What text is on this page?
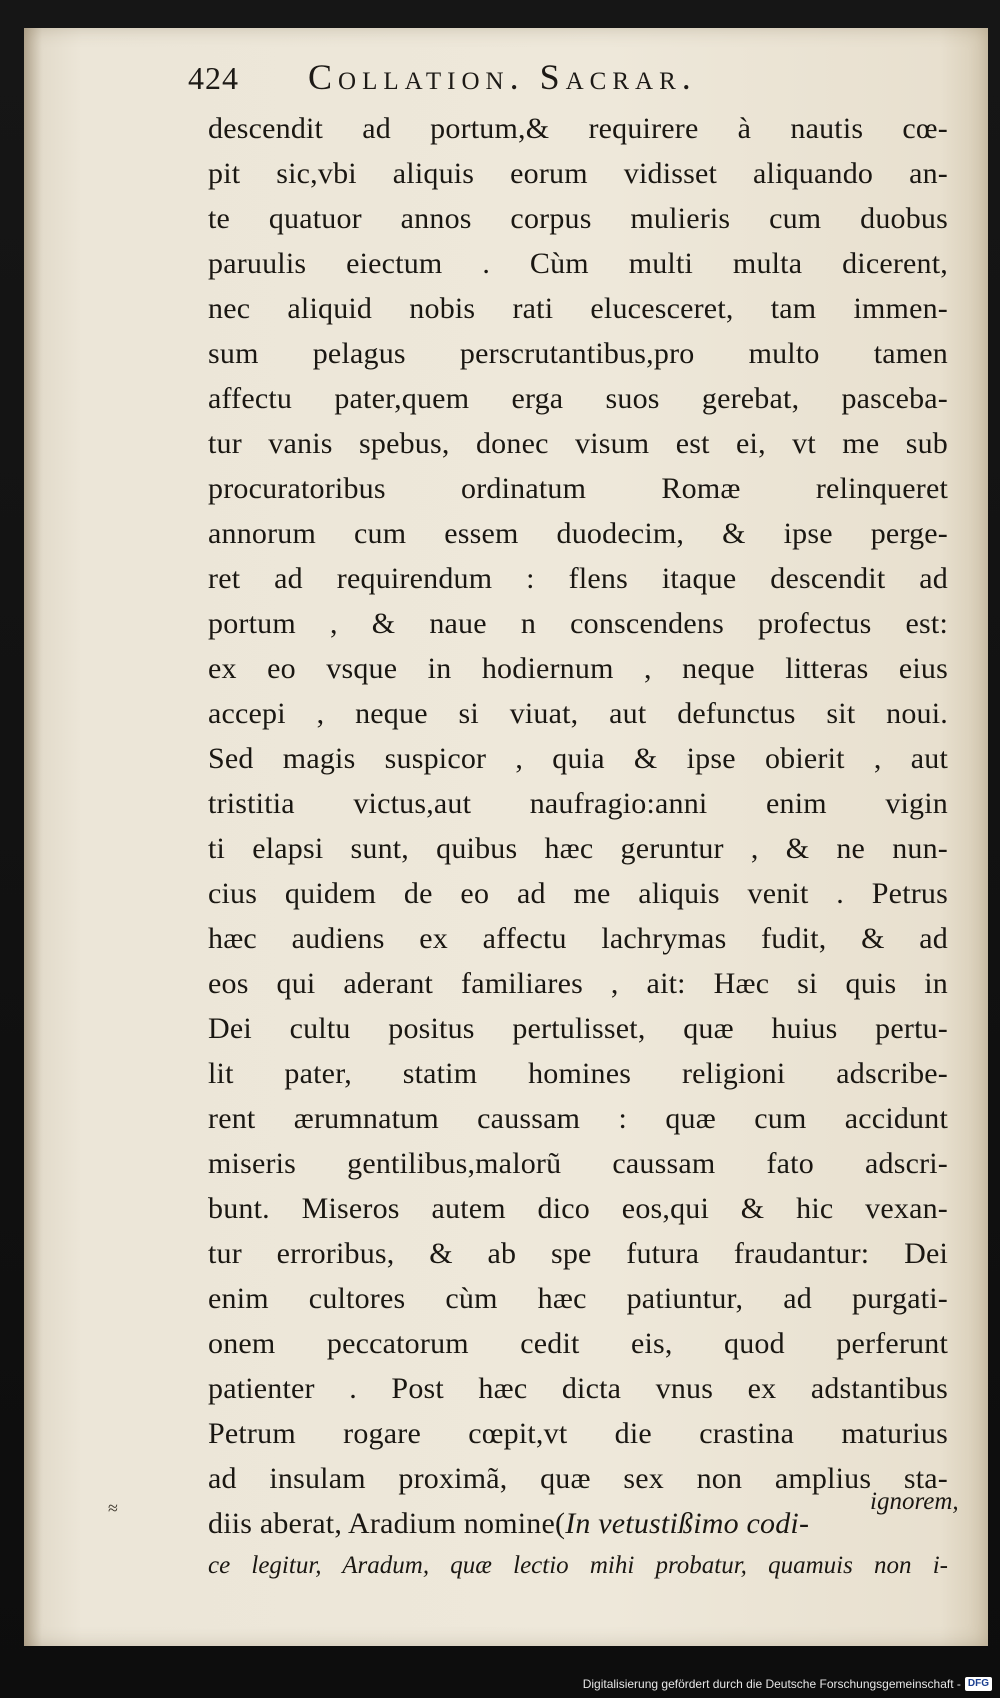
424 Collation. Sacrar.
descendit ad portum,& requirere à nautis cœ-
pit sic,vbi aliquis eorum vidisset aliquando an-
te quatuor annos corpus mulieris cum duobus
paruulis eiectum . Cùm multi multa dicerent,
nec aliquid nobis rati elucesceret, tam immen-
sum pelagus perscrutantibus,pro multo tamen
affectu pater,quem erga suos gerebat, pasceba-
tur vanis spebus, donec visum est ei, vt me sub
procuratoribus ordinatum Romæ relinqueret
annorum cum essem duodecim, & ipse perge-
ret ad requirendum : flens itaque descendit ad
portum , & naue n conscendens profectus est:
ex eo vsque in hodiernum , neque litteras eius
accepi , neque si viuat, aut defunctus sit noui.
Sed magis suspicor , quia & ipse obierit , aut
tristitia victus,aut naufragio:anni enim vigin
ti elapsi sunt, quibus hæc geruntur , & ne nun-
cius quidem de eo ad me aliquis venit . Petrus
hæc audiens ex affectu lachrymas fudit, & ad
eos qui aderant familiares , ait: Hæc si quis in
Dei cultu positus pertulisset, quæ huius pertu-
lit pater, statim homines religioni adscribe-
rent ærumnatum caussam : quæ cum accidunt
miseris gentilibus,malorũ caussam fato adscri-
bunt. Miseros autem dico eos,qui & hic vexan-
tur erroribus, & ab spe futura fraudantur: Dei
enim cultores cùm hæc patiuntur, ad purgati-
onem peccatorum cedit eis, quod perferunt
patienter . Post hæc dicta vnus ex adstantibus
Petrum rogare cœpit,vt die crastina maturius
ad insulam proximã, quæ sex non amplius sta-
diis aberat, Aradium nomine(In vetustißimo codi-
ce legitur, Aradum, quæ lectio mihi probatur, quamuis non i-
ignorem,
≈
Digitalisierung gefördert durch die Deutsche Forschungsgemeinschaft - DFG
